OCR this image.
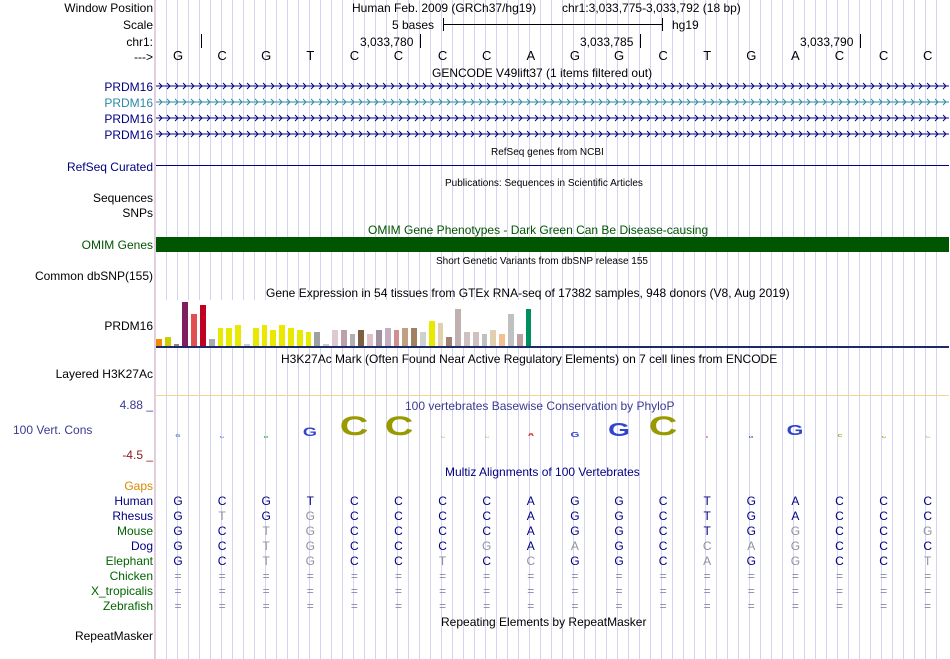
Window Position	Human Feb. 2009 (GRCh37/hg19) chr1:3,033,775-3,033,792 (18 bp)
Scale	5 bases	hg19
chr1:	3,033,780	3,033,785	3,033,790
--->	G	C	G	T	C	C	C	C	A	G	G	C	T	G	A	C	C	C
GENCODE V49lift37 (1 items filtered out)
PRDM16
PRDM16
PRDM16
PRDM16
RefSeq Curated
RefSeq genes from NCBI
Publications: Sequences in Scientific Articles
Sequences
SNPs
OMIM Gene Phenotypes - Dark Green Can Be Disease-causing
OMIM Genes
Short Genetic Variants from dbSNP release 155
Common dbSNP(155)
Gene Expression in 54 tissues from GTEx RNA-seq of 17382 samples, 948 donors (V8, Aug 2019)
PRDM16
H3K27Ac Mark (Often Found Near Active Regulatory Elements) on 7 cell lines from ENCODE
Layered H3K27Ac
4.88 _
100 Vert. Cons
-4.5 _
100 vertebrates Basewise Conservation by PhyloP
G	G C C	A	G	G C	G	C
Multiz Alignments of 100 Vertebrates
Gaps
Human	G	C	G	T	C	C	C	C	A	G	G	C	T	G	A	C	C	C
Rhesus	G	T	G	G	C	C	C	C	A	G	G	C	T	G	A	C	C	C
Mouse	G	C	T	G	C	C	C	C	A	G	G	C	T	G	G	C	C	G
Dog	G	C	T	G	C	C	C	G	A	A	G	C	C	A	G	C	C	C
Elephant	G	C	T	G	C	C	T	C	C	G	G	C	A	G	G	C	C	T
Chicken	=	=	=	=	=	=	=	=	=	=	=	=	=	=	=	=	=	=
X_tropicalis	=	=	=	=	=	=	=	=	=	=	=	=	=	=	=	=	=	=
Zebrafish	=	=	=	=	=	=	=	=	=	=	=	=	=	=	=	=	=	=
RepeatMasker
Repeating Elements by RepeatMasker
